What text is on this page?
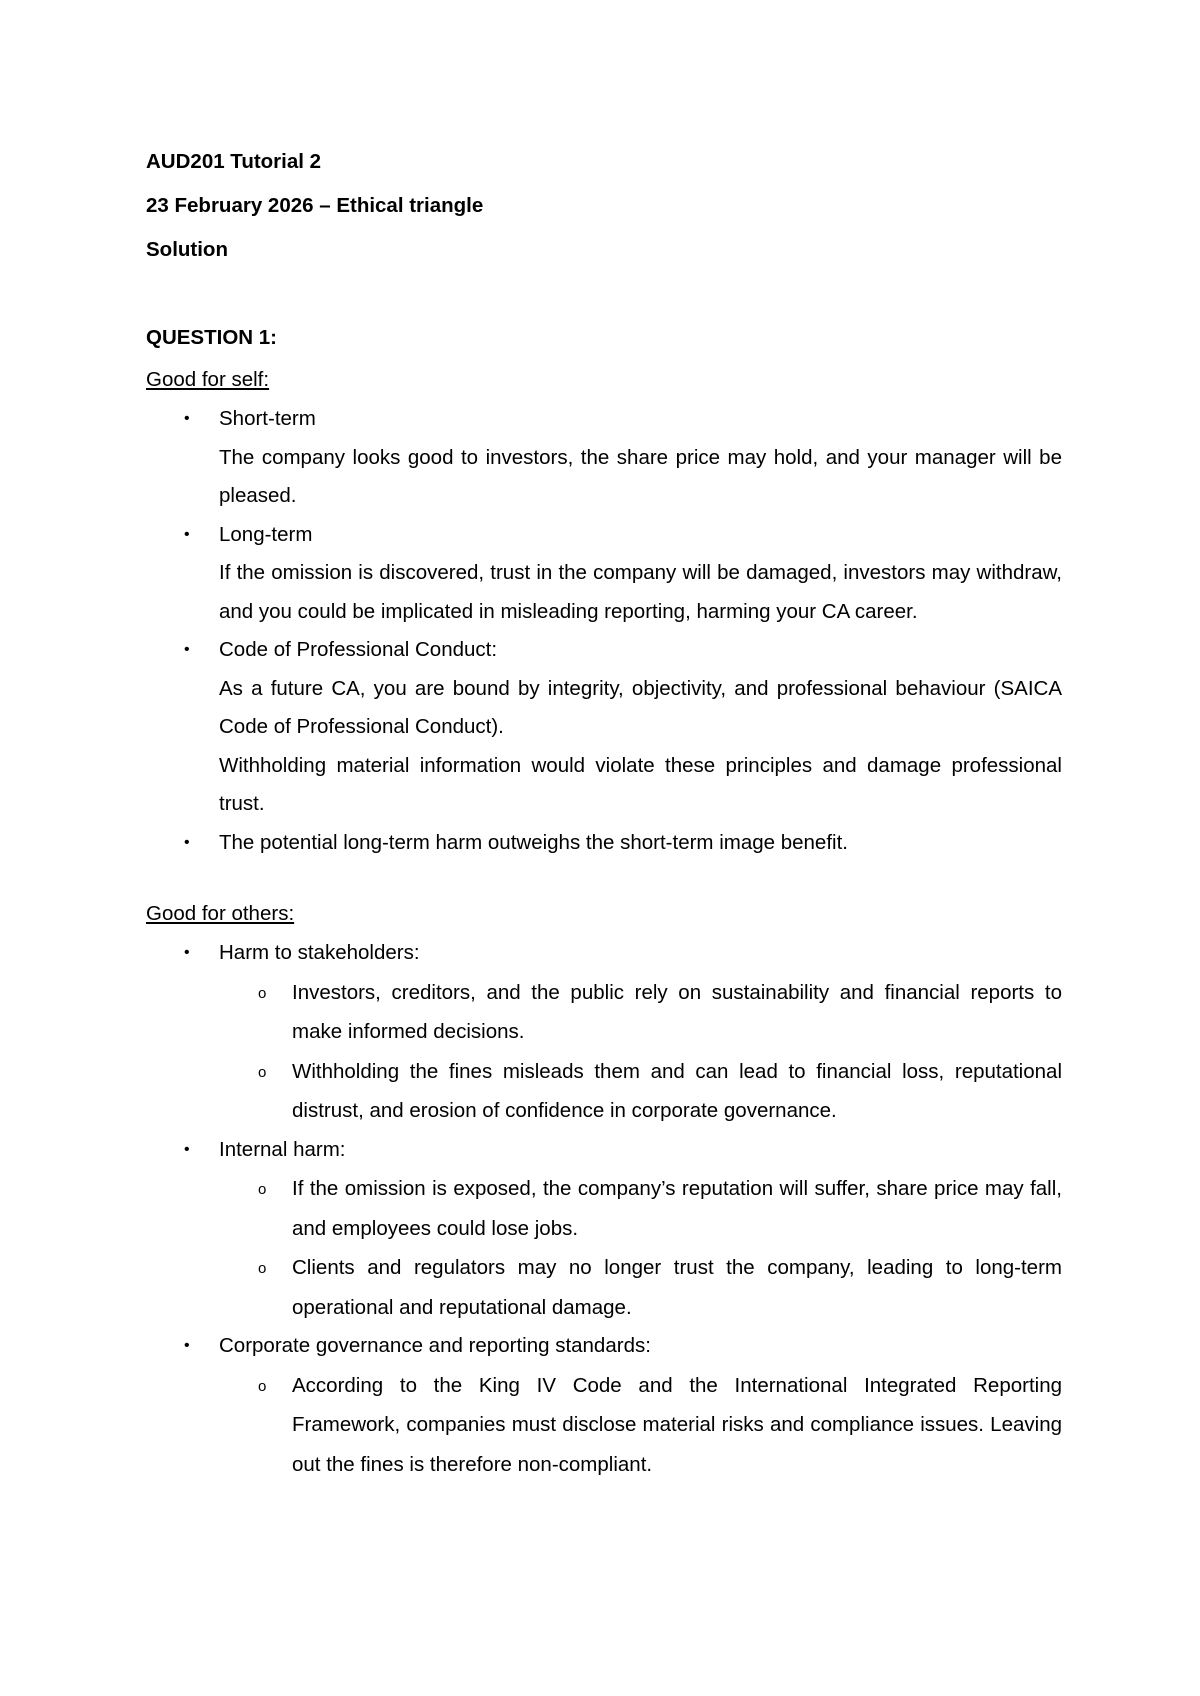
AUD201 Tutorial 2

23 February 2026 – Ethical triangle

Solution

QUESTION 1:

Good for self:

• Short-term

The company looks good to investors, the share price may hold, and your manager will be pleased.

• Long-term

If the omission is discovered, trust in the company will be damaged, investors may withdraw, and you could be implicated in misleading reporting, harming your CA career.

• Code of Professional Conduct:

As a future CA, you are bound by integrity, objectivity, and professional behaviour (SAICA Code of Professional Conduct).

Withholding material information would violate these principles and damage professional trust.

• The potential long-term harm outweighs the short-term image benefit.

Good for others:

• Harm to stakeholders:

o Investors, creditors, and the public rely on sustainability and financial reports to make informed decisions.

o Withholding the fines misleads them and can lead to financial loss, reputational distrust, and erosion of confidence in corporate governance.

• Internal harm:

o If the omission is exposed, the company’s reputation will suffer, share price may fall, and employees could lose jobs.

o Clients and regulators may no longer trust the company, leading to long-term operational and reputational damage.

• Corporate governance and reporting standards:

o According to the King IV Code and the International Integrated Reporting Framework, companies must disclose material risks and compliance issues. Leaving out the fines is therefore non-compliant.
